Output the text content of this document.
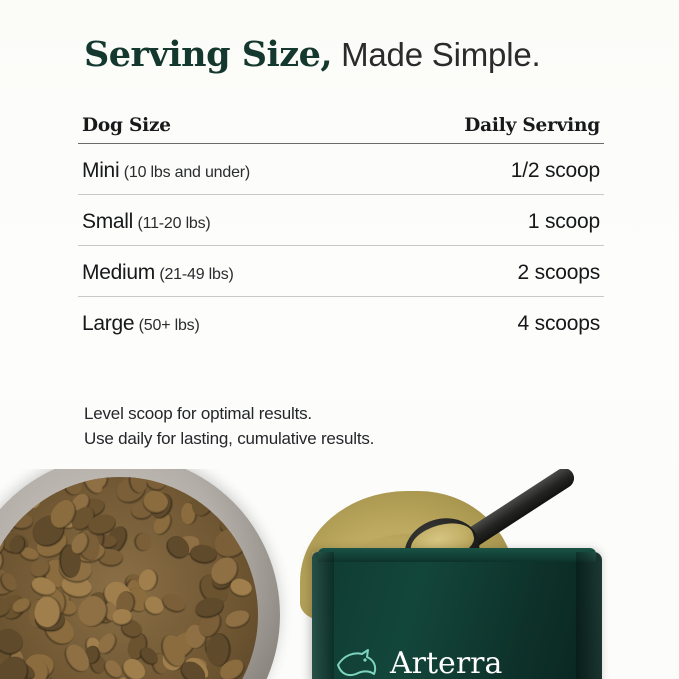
Serving Size, Made Simple.
Dog Size	Daily Serving
Mini (10 lbs and under)	1/2 scoop
Small (11-20 lbs)	1 scoop
Medium (21-49 lbs)	2 scoops
Large (50+ lbs)	4 scoops
Level scoop for optimal results.
Use daily for lasting, cumulative results.
Arterra
